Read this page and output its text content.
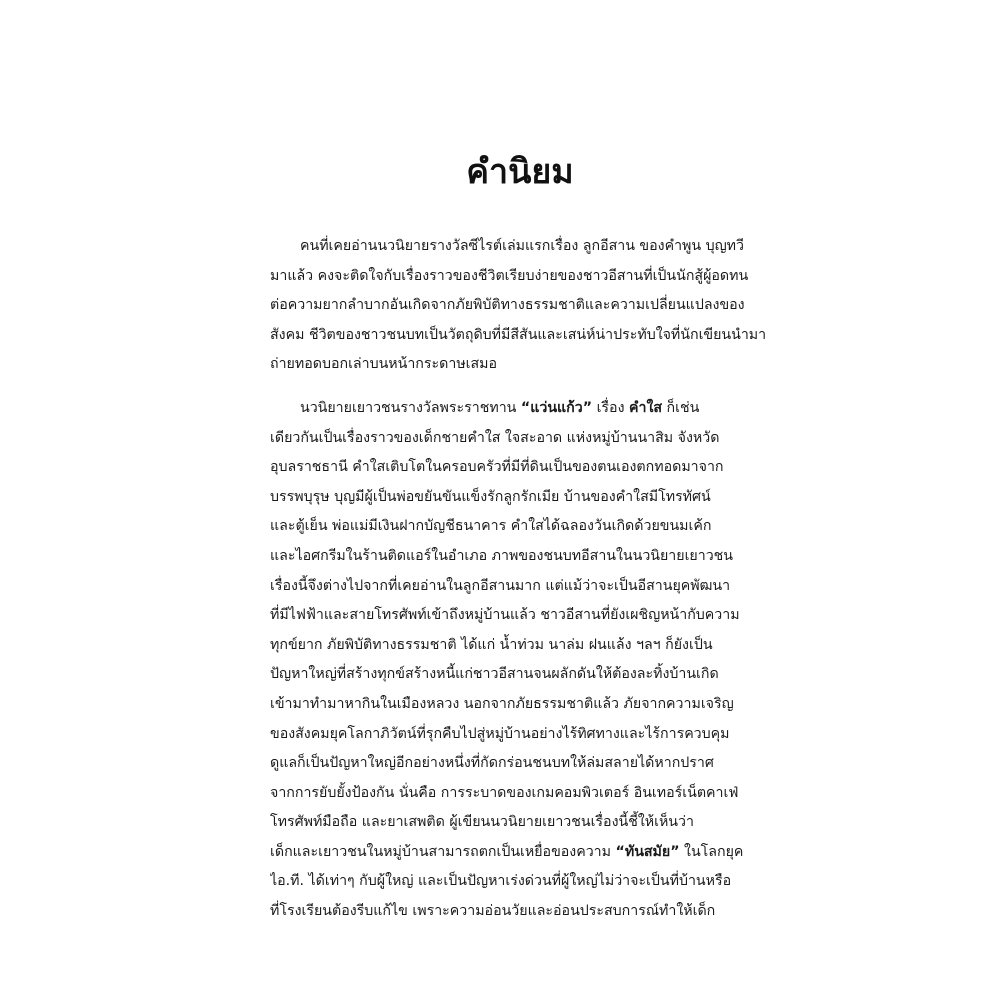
คำนิยม
คนที่เคยอ่านนวนิยายรางวัลซีไรต์เล่มแรกเรื่อง ลูกอีสาน ของคำพูน บุญทวี
มาแล้ว คงจะติดใจกับเรื่องราวของชีวิตเรียบง่ายของชาวอีสานที่เป็นนักสู้ผู้อดทน
ต่อความยากลำบากอันเกิดจากภัยพิบัติทางธรรมชาติและความเปลี่ยนแปลงของ
สังคม ชีวิตของชาวชนบทเป็นวัตถุดิบที่มีสีสันและเสน่ห์น่าประทับใจที่นักเขียนนำมา
ถ่ายทอดบอกเล่าบนหน้ากระดาษเสมอ
นวนิยายเยาวชนรางวัลพระราชทาน “แว่นแก้ว” เรื่อง คำใส ก็เช่น
เดียวกันเป็นเรื่องราวของเด็กชายคำใส ใจสะอาด แห่งหมู่บ้านนาสิม จังหวัด
อุบลราชธานี คำใสเติบโตในครอบครัวที่มีที่ดินเป็นของตนเองตกทอดมาจาก
บรรพบุรุษ บุญมีผู้เป็นพ่อขยันขันแข็งรักลูกรักเมีย บ้านของคำใสมีโทรทัศน์
และตู้เย็น พ่อแม่มีเงินฝากบัญชีธนาคาร คำใสได้ฉลองวันเกิดด้วยขนมเค้ก
และไอศกรีมในร้านติดแอร์ในอำเภอ ภาพของชนบทอีสานในนวนิยายเยาวชน
เรื่องนี้จึงต่างไปจากที่เคยอ่านในลูกอีสานมาก แต่แม้ว่าจะเป็นอีสานยุคพัฒนา
ที่มีไฟฟ้าและสายโทรศัพท์เข้าถึงหมู่บ้านแล้ว ชาวอีสานที่ยังเผชิญหน้ากับความ
ทุกข์ยาก ภัยพิบัติทางธรรมชาติ ได้แก่ น้ำท่วม นาล่ม ฝนแล้ง ฯลฯ ก็ยังเป็น
ปัญหาใหญ่ที่สร้างทุกข์สร้างหนี้แก่ชาวอีสานจนผลักดันให้ต้องละทิ้งบ้านเกิด
เข้ามาทำมาหากินในเมืองหลวง นอกจากภัยธรรมชาติแล้ว ภัยจากความเจริญ
ของสังคมยุคโลกาภิวัตน์ที่รุกคืบไปสู่หมู่บ้านอย่างไร้ทิศทางและไร้การควบคุม
ดูแลก็เป็นปัญหาใหญ่อีกอย่างหนึ่งที่กัดกร่อนชนบทให้ล่มสลายได้หากปราศ
จากการยับยั้งป้องกัน นั่นคือ การระบาดของเกมคอมพิวเตอร์ อินเทอร์เน็ตคาเฟ่
โทรศัพท์มือถือ และยาเสพติด ผู้เขียนนวนิยายเยาวชนเรื่องนี้ชี้ให้เห็นว่า
เด็กและเยาวชนในหมู่บ้านสามารถตกเป็นเหยื่อของความ “ทันสมัย” ในโลกยุค
ไอ.ที. ได้เท่าๆ กับผู้ใหญ่ และเป็นปัญหาเร่งด่วนที่ผู้ใหญ่ไม่ว่าจะเป็นที่บ้านหรือ
ที่โรงเรียนต้องรีบแก้ไข เพราะความอ่อนวัยและอ่อนประสบการณ์ทำให้เด็ก
